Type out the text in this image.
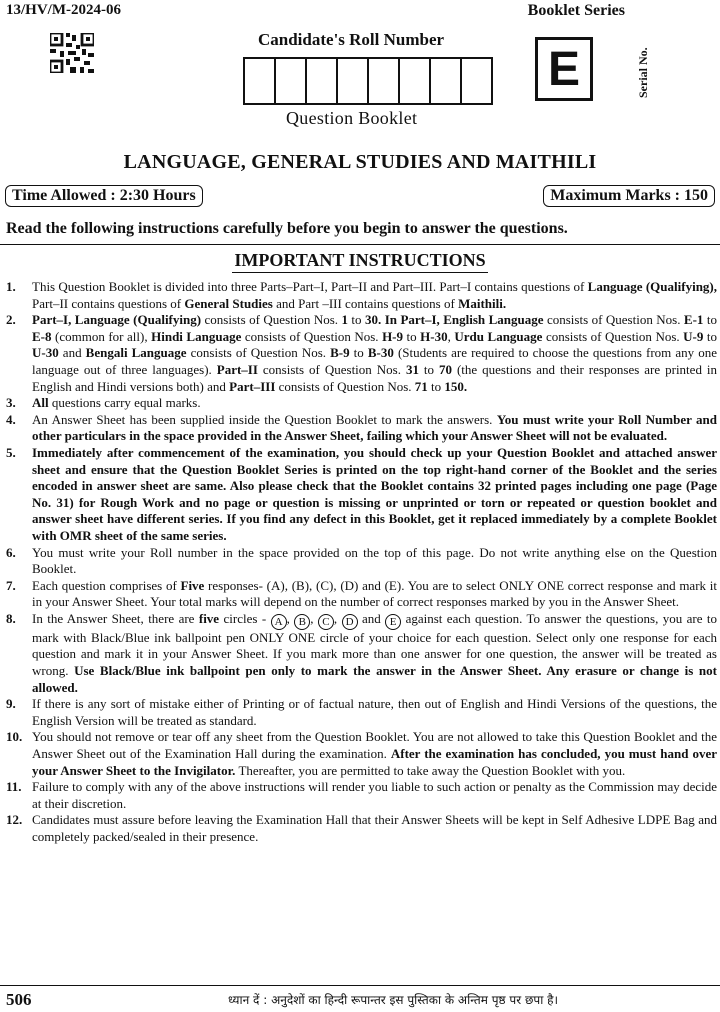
13/HV/M-2024-06	Booklet Series
Candidate's Roll Number
Question Booklet
E	Serial No.
LANGUAGE, GENERAL STUDIES AND MAITHILI
Time Allowed : 2:30 Hours	Maximum Marks : 150
Read the following instructions carefully before you begin to answer the questions.
IMPORTANT INSTRUCTIONS
1.	This Question Booklet is divided into three Parts–Part–I, Part–II and Part–III. Part–I contains questions of Language (Qualifying), Part–II contains questions of General Studies and Part –III contains questions of Maithili.
2.	Part–I, Language (Qualifying) consists of Question Nos. 1 to 30. In Part–I, English Language consists of Question Nos. E-1 to E-8 (common for all), Hindi Language consists of Question Nos. H-9 to H-30, Urdu Language consists of Question Nos. U-9 to U-30 and Bengali Language consists of Question Nos. B-9 to B-30 (Students are required to choose the questions from any one language out of three languages). Part–II consists of Question Nos. 31 to 70 (the questions and their responses are printed in English and Hindi versions both) and Part–III consists of Question Nos. 71 to 150.
3.	All questions carry equal marks.
4.	An Answer Sheet has been supplied inside the Question Booklet to mark the answers. You must write your Roll Number and other particulars in the space provided in the Answer Sheet, failing which your Answer Sheet will not be evaluated.
5.	Immediately after commencement of the examination, you should check up your Question Booklet and attached answer sheet and ensure that the Question Booklet Series is printed on the top right-hand corner of the Booklet and the series encoded in answer sheet are same. Also please check that the Booklet contains 32 printed pages including one page (Page No. 31) for Rough Work and no page or question is missing or unprinted or torn or repeated or question booklet and answer sheet have different series. If you find any defect in this Booklet, get it replaced immediately by a complete Booklet with OMR sheet of the same series.
6.	You must write your Roll number in the space provided on the top of this page. Do not write anything else on the Question Booklet.
7.	Each question comprises of Five responses- (A), (B), (C), (D) and (E). You are to select ONLY ONE correct response and mark it in your Answer Sheet. Your total marks will depend on the number of correct responses marked by you in the Answer Sheet.
8.	In the Answer Sheet, there are five circles - A , B , C , D and E against each question. To answer the questions, you are to mark with Black/Blue ink ballpoint pen ONLY ONE circle of your choice for each question. Select only one response for each question and mark it in your Answer Sheet. If you mark more than one answer for one question, the answer will be treated as wrong. Use Black/Blue ink ballpoint pen only to mark the answer in the Answer Sheet. Any erasure or change is not allowed.
9.	If there is any sort of mistake either of Printing or of factual nature, then out of English and Hindi Versions of the questions, the English Version will be treated as standard.
10. You should not remove or tear off any sheet from the Question Booklet. You are not allowed to take this Question Booklet and the Answer Sheet out of the Examination Hall during the examination. After the examination has concluded, you must hand over your Answer Sheet to the Invigilator. Thereafter, you are permitted to take away the Question Booklet with you.
11. Failure to comply with any of the above instructions will render you liable to such action or penalty as the Commission may decide at their discretion.
12. Candidates must assure before leaving the Examination Hall that their Answer Sheets will be kept in Self Adhesive LDPE Bag and completely packed/sealed in their presence.
506	ध्यान दें : अनुदेशों का हिन्दी रूपान्तर इस पुस्तिका के अन्तिम पृष्ठ पर छपा है।
